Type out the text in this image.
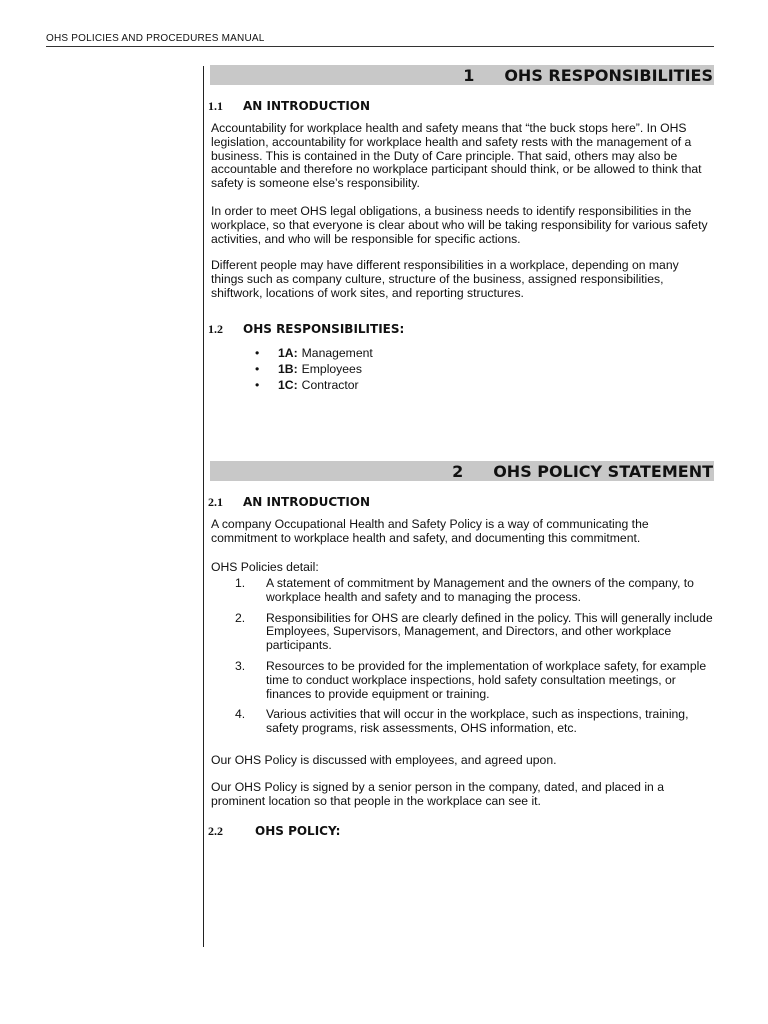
OHS POLICIES AND PROCEDURES MANUAL
1 OHS RESPONSIBILITIES
1.1	AN INTRODUCTION

Accountability for workplace health and safety means that “the buck stops here”. In OHS legislation, accountability for workplace health and safety rests with the management of a business. This is contained in the Duty of Care principle. That said, others may also be accountable and therefore no workplace participant should think, or be allowed to think that safety is someone else’s responsibility.

In order to meet OHS legal obligations, a business needs to identify responsibilities in the workplace, so that everyone is clear about who will be taking responsibility for various safety activities, and who will be responsible for specific actions.

Different people may have different responsibilities in a workplace, depending on many things such as company culture, structure of the business, assigned responsibilities, shiftwork, locations of work sites, and reporting structures.

1.2	OHS RESPONSIBILITIES:
•	1A: Management
•	1B: Employees
•	1C: Contractor
2 OHS POLICY STATEMENT
2.1	AN INTRODUCTION

A company Occupational Health and Safety Policy is a way of communicating the commitment to workplace health and safety, and documenting this commitment.

OHS Policies detail:

1.	A statement of commitment by Management and the owners of the company, to workplace health and safety and to managing the process.
2.	Responsibilities for OHS are clearly defined in the policy. This will generally include Employees, Supervisors, Management, and Directors, and other workplace participants.
3.	Resources to be provided for the implementation of workplace safety, for example time to conduct workplace inspections, hold safety consultation meetings, or finances to provide equipment or training.
4.	Various activities that will occur in the workplace, such as inspections, training, safety programs, risk assessments, OHS information, etc.

Our OHS Policy is discussed with employees, and agreed upon.

Our OHS Policy is signed by a senior person in the company, dated, and placed in a prominent location so that people in the workplace can see it.

2.2	OHS POLICY:
